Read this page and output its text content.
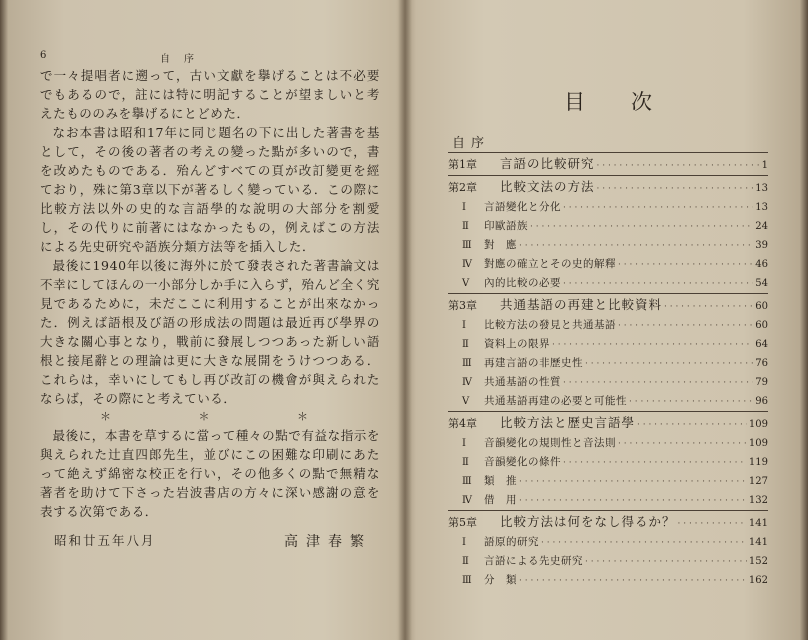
6	自序

で一々提唱者に遡って，古い文獻を擧げることは不必要でもあるので，註には特に明記することが望ましいと考えたもののみを擧げるにとどめた．

なお本書は昭和17年に同じ題名の下に出した著書を基として，その後の著者の考えの變った點が多いので，書を改めたものである．殆んどすべての頁が改訂變更を經ており，殊に第3章以下が著るしく變っている．この際に比較方法以外の史的な言語學的な說明の大部分を割愛し，その代りに前著にはなかったもの，例えばこの方法による先史研究や語族分類方法等を插入した．

最後に1940年以後に海外に於て發表された著書論文は不幸にしてほんの一小部分しか手に入らず，殆んど全く究見であるために，未だここに利用することが出來なかった．例えば語根及び語の形成法の問題は最近再び學界の大きな關心事となり，戰前に發展しつつあった新しい語根と接尾辭との理論は更に大きな展開をうけつつある．これらは，幸いにしてもし再び改訂の機會が與えられたならば，その際にと考えている．

＊ ＊ ＊

最後に，本書を草するに當って種々の點で有益な指示を與えられた辻直四郎先生，並びにこの困難な印刷にあたって絶えず綿密な校正を行い，その他多くの點で無精な著者を助けて下さった岩波書店の方々に深い感謝の意を表する次第である．

昭和廿五年八月	高津春繁
目次
自序
第1章	言語の比較研究 · · ·	1
第2章	比較文法の方法 · · ·	13
Ⅰ	言語變化と分化 · · ·	13
Ⅱ	印歐語族 · · ·	24
Ⅲ	對　應 · · ·	39
Ⅳ	對應の確立とその史的解釋 · · ·	46
Ⅴ	內的比較の必要 · · ·	54
第3章	共通基語の再建と比較資料 · · ·	60
Ⅰ	比較方法の發見と共通基語 · · ·	60
Ⅱ	資料上の限界 · · ·	64
Ⅲ	再建言語の非歷史性 · · ·	76
Ⅳ	共通基語の性質 · · ·	79
Ⅴ	共通基語再建の必要と可能性 · · ·	96
第4章	比較方法と歷史言語學 · · ·	109
Ⅰ	音韻變化の規則性と音法則 · · ·	109
Ⅱ	音韻變化の條件 · · ·	119
Ⅲ	類　推 · · ·	127
Ⅳ	借　用 · · ·	132
第5章	比較方法は何をなし得るか？ · · ·	141
Ⅰ	語原的研究 · · ·	141
Ⅱ	言語による先史研究 · · ·	152
Ⅲ	分　類 · · ·	162
